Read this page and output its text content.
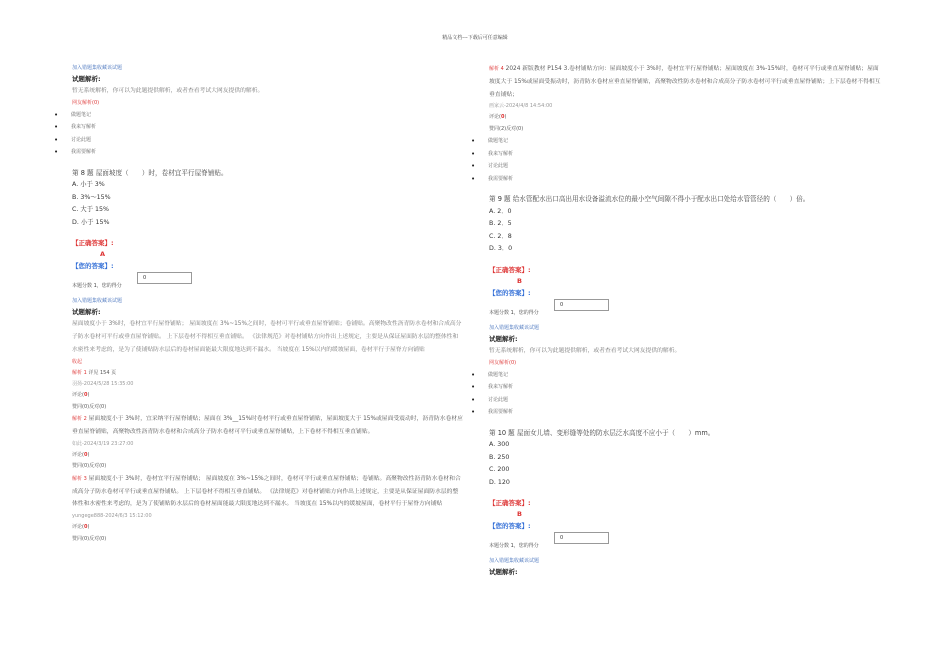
精品文档---下载后可任意编辑
加入错题集收藏该试题
试题解析:
暂无系统解析，你可以为此题提供解析，或者查看考试大网友提供的解析。
网友解析(0)
• 做题笔记
• 我来写解析
• 讨论此题
• 我需要解析
第 8 题 屋面坡度（　　）时，卷材宜平行屋脊铺贴。
A. 小于 3%
B. 3%～15%
C. 大于 15%
D. 小于 15%
【正确答案】:
A
【您的答案】:
0
本题分数 1，您的得分
加入错题集收藏该试题
试题解析:
屋面坡度小于 3%时，卷材宜平行屋脊铺贴； 屋面坡度在 3%~15%之间时，卷材可平行或垂直屋脊铺贴；卷铺贴。高聚物改性沥青防水卷材和合成高分子防水卷材可平行或垂直屋脊铺贴。 上下层卷材不得相互垂直铺贴。 《法律规范》对卷材铺贴方向作出上述规定，主要是从保证屋面防水层的整体性和水密性来考虑的，是为了使铺贴防水层后的卷材屋面能最大限度地达到不漏水。 当坡度在 15%以内的缓坡屋面，卷材平行于屋脊方向铺贴
收起
解析 1 详见 154 页
羽扬-2024/5/28 15:35:00
评论(0)
赞同(0)反对(0)
解析 2 屋面坡度小于 3%时，宜采纳平行屋脊铺贴；屋面在 3%__15%时卷材平行或垂直屋脊铺贴，屋面坡度大于 15%或屋面受震动时，沥青防水卷材应垂直屋脊铺贴，高聚物改性沥青防水卷材和合成高分子防水卷材可平行或垂直屋脊铺贴，上下卷材不得相互垂直铺贴。
如此-2024/3/19 23:27:00
评论(0)
赞同(0)反对(0)
解析 3 屋面坡度小于 3%时，卷材宜平行屋脊铺贴； 屋面坡度在 3%~15%之间时，卷材可平行或垂直屋脊铺贴；卷铺贴。高聚物改性沥青防水卷材和合成高分子防水卷材可平行或垂直屋脊铺贴。 上下层卷材不得相互垂直铺贴。 《法律规范》对卷材铺贴方向作出上述规定，主要是从保证屋面防水层的整体性和水密性来考虑的，是为了使铺贴防水层后的卷材屋面能最大限度地达到不漏水。 当坡度在 15%以内的缓坡屋面，卷材平行于屋脊方向铺贴
yungege888-2024/6/3 15:12:00
评论(0)
赞同(0)反对(0)
解析 4 2024 新版教材 P154 3.卷材铺贴方向：屋面坡度小于 3%时，卷材宜平行屋脊铺贴；屋面坡度在 3%-15%时，卷材可平行或垂直屋脊铺贴；屋面坡度大于 15%或屋面受振动时，沥青防水卷材应垂直屋脊铺贴，高聚物改性防水卷材和合成高分子防水卷材可平行或垂直屋脊铺贴；上下层卷材不得相互垂直铺贴；
画家云-2024/4/8 14:54:00
评论(0)
赞同(2)反对(0)
• 做题笔记
• 我来写解析
• 讨论此题
• 我需要解析
第 9 题 给水管配水出口高出用水设备溢流水位的最小空气间隙不得小于配水出口处给水管管径的（　　）倍。
A. 2．0
B. 2．5
C. 2．8
D. 3．0
【正确答案】:
B
【您的答案】:
0
本题分数 1，您的得分
加入错题集收藏该试题
试题解析:
暂无系统解析，你可以为此题提供解析，或者查看考试大网友提供的解析。
网友解析(0)
• 做题笔记
• 我来写解析
• 讨论此题
• 我需要解析
第 10 题 屋面女儿墙、变形缝等处的防水层泛水高度不应小于（　　）mm。
A. 300
B. 250
C. 200
D. 120
【正确答案】:
B
【您的答案】:
0
本题分数 1，您的得分
加入错题集收藏该试题
试题解析:
